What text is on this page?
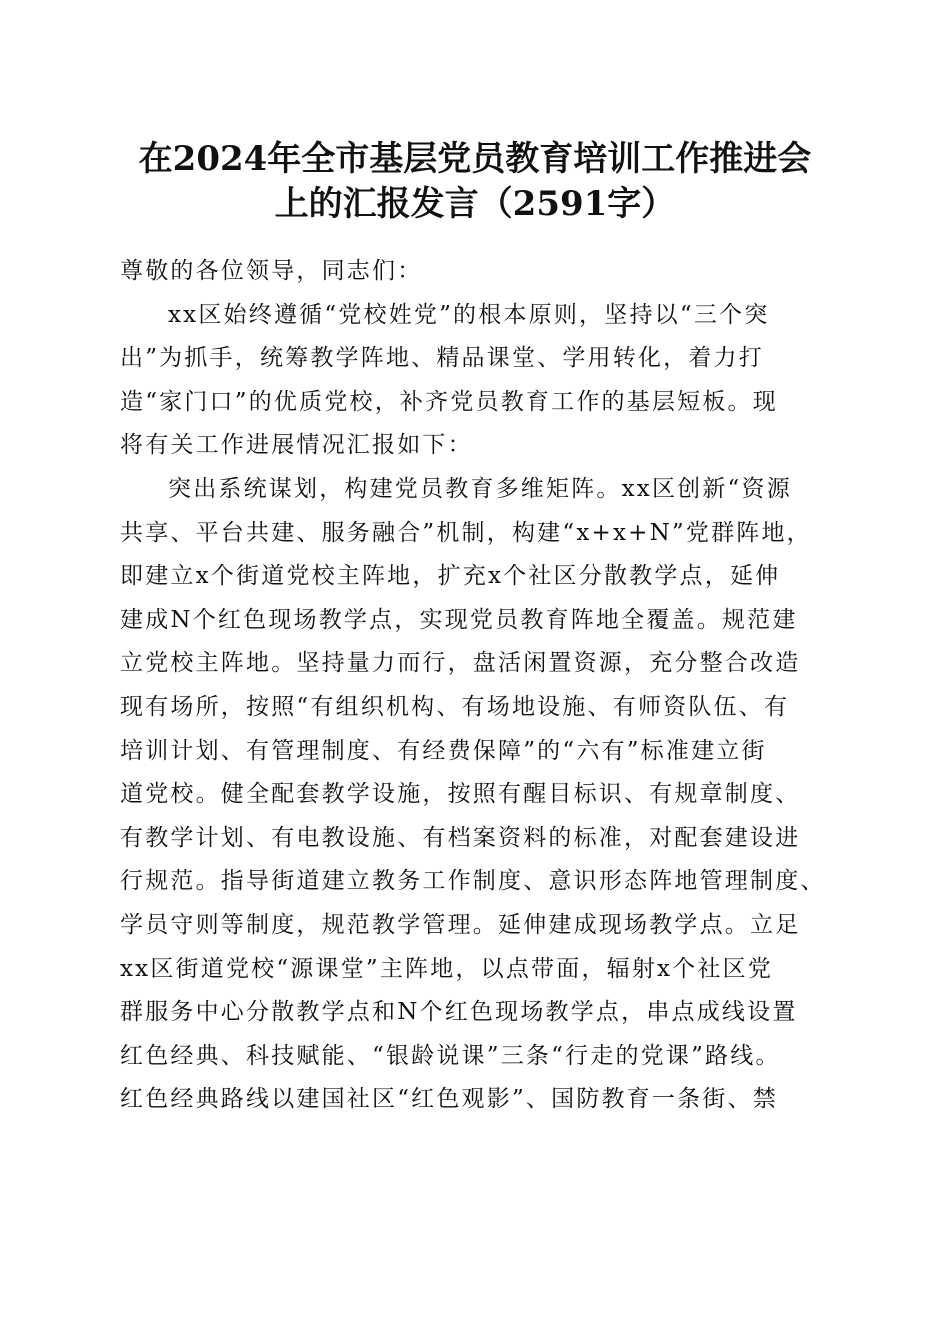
在2024年全市基层党员教育培训工作推进会
上的汇报发言（2591字）
尊敬的各位领导，同志们：
xx区始终遵循“党校姓党”的根本原则，坚持以“三个突
出”为抓手，统筹教学阵地、精品课堂、学用转化，着力打
造“家门口”的优质党校，补齐党员教育工作的基层短板。现
将有关工作进展情况汇报如下：
突出系统谋划，构建党员教育多维矩阵。xx区创新“资源
共享、平台共建、服务融合”机制，构建“x+x+N”党群阵地，
即建立x个街道党校主阵地，扩充x个社区分散教学点，延伸
建成N个红色现场教学点，实现党员教育阵地全覆盖。规范建
立党校主阵地。坚持量力而行，盘活闲置资源，充分整合改造
现有场所，按照“有组织机构、有场地设施、有师资队伍、有
培训计划、有管理制度、有经费保障”的“六有”标准建立街
道党校。健全配套教学设施，按照有醒目标识、有规章制度、
有教学计划、有电教设施、有档案资料的标准，对配套建设进
行规范。指导街道建立教务工作制度、意识形态阵地管理制度、
学员守则等制度，规范教学管理。延伸建成现场教学点。立足
xx区街道党校“源课堂”主阵地，以点带面，辐射x个社区党
群服务中心分散教学点和N个红色现场教学点，串点成线设置
红色经典、科技赋能、“银龄说课”三条“行走的党课”路线。
红色经典路线以建国社区“红色观影”、国防教育一条街、禁
